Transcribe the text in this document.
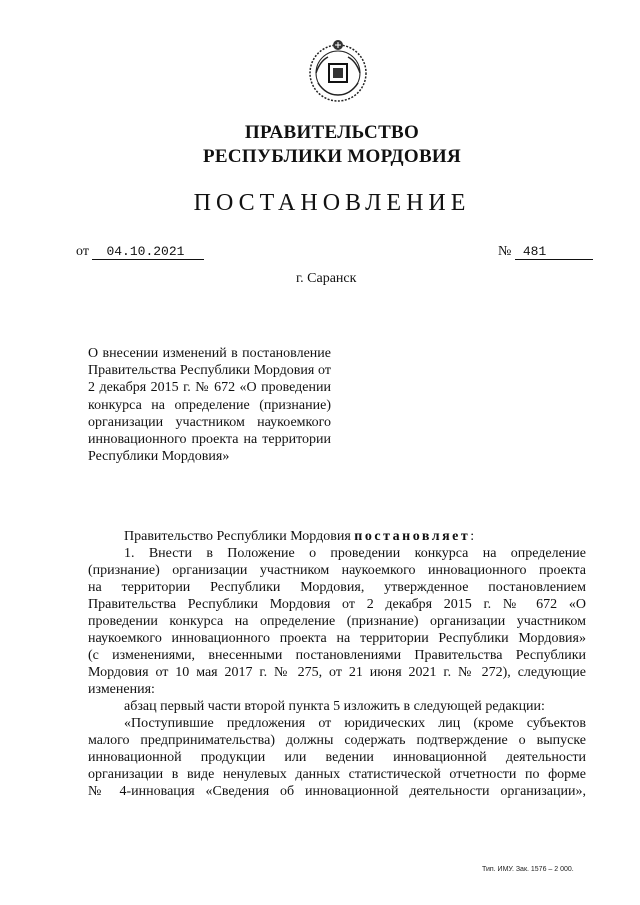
ПРАВИТЕЛЬСТВО
РЕСПУБЛИКИ МОРДОВИЯ
ПОСТАНОВЛЕНИЕ
от 04.10.2021	№ 481
г. Саранск

О внесении изменений в постановление Правительства Республики Мордовия от 2 декабря 2015 г. № 672 «О проведении конкурса на определение (признание) организации участником наукоемкого инновационного проекта на территории Республики Мордовия»

Правительство Республики Мордовия постановляет:
1. Внести в Положение о проведении конкурса на определение
(признание) организации участником наукоемкого инновационного проекта
на территории Республики Мордовия, утвержденное постановлением
Правительства Республики Мордовия от 2 декабря 2015 г. № 672 «О
проведении конкурса на определение (признание) организации участником
наукоемкого инновационного проекта на территории Республики Мордовия»
(с изменениями, внесенными постановлениями Правительства Республики
Мордовия от 10 мая 2017 г. № 275, от 21 июня 2021 г. № 272), следующие
изменения:
абзац первый части второй пункта 5 изложить в следующей редакции:
«Поступившие предложения от юридических лиц (кроме субъектов
малого предпринимательства) должны содержать подтверждение о выпуске
инновационной продукции или ведении инновационной деятельности
организации в виде ненулевых данных статистической отчетности по форме
№ 4-инновация «Сведения об инновационной деятельности организации»,
Тип. ИМУ. Зак. 1576 – 2 000.
